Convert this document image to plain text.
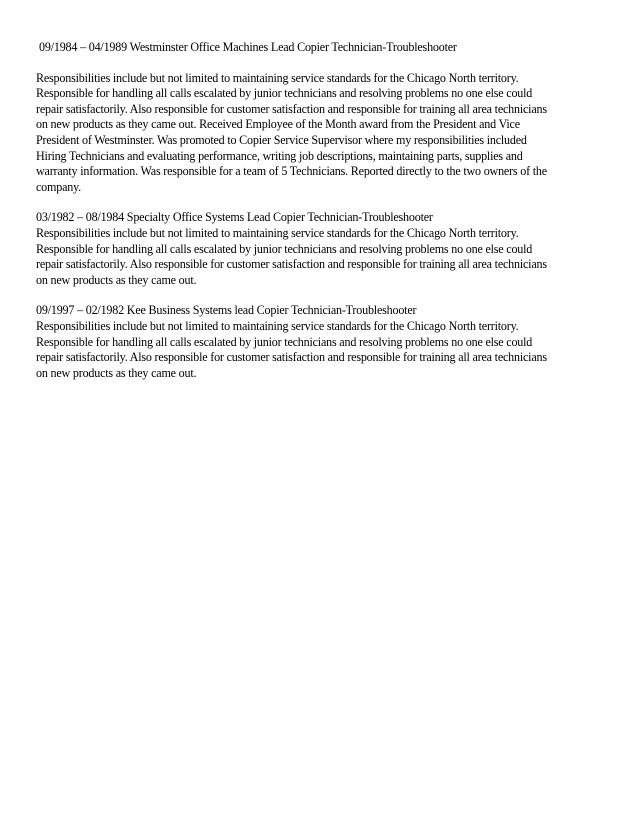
09/1984 – 04/1989 Westminster Office Machines Lead Copier Technician-Troubleshooter

Responsibilities include but not limited to maintaining service standards for the Chicago North territory.
Responsible for handling all calls escalated by junior technicians and resolving problems no one else could
repair satisfactorily. Also responsible for customer satisfaction and responsible for training all area technicians
on new products as they came out. Received Employee of the Month award from the President and Vice
President of Westminster. Was promoted to Copier Service Supervisor where my responsibilities included
Hiring Technicians and evaluating performance, writing job descriptions, maintaining parts, supplies and
warranty information. Was responsible for a team of 5 Technicians. Reported directly to the two owners of the
company.

03/1982 – 08/1984 Specialty Office Systems Lead Copier Technician-Troubleshooter

Responsibilities include but not limited to maintaining service standards for the Chicago North territory.
Responsible for handling all calls escalated by junior technicians and resolving problems no one else could
repair satisfactorily. Also responsible for customer satisfaction and responsible for training all area technicians
on new products as they came out.

09/1997 – 02/1982 Kee Business Systems lead Copier Technician-Troubleshooter

Responsibilities include but not limited to maintaining service standards for the Chicago North territory.
Responsible for handling all calls escalated by junior technicians and resolving problems no one else could
repair satisfactorily. Also responsible for customer satisfaction and responsible for training all area technicians
on new products as they came out.
